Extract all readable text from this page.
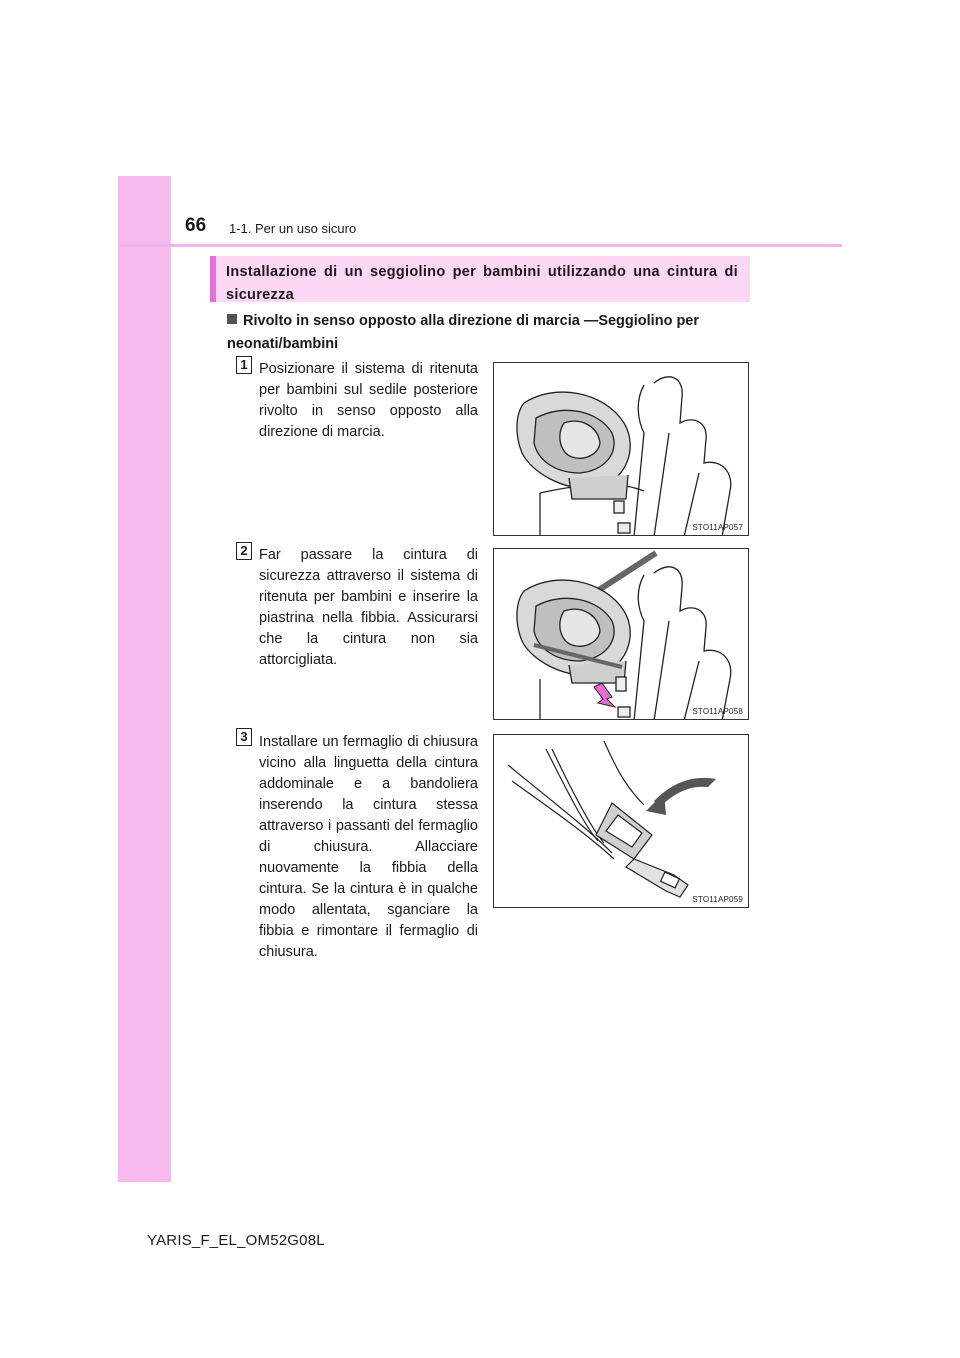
66 1-1. Per un uso sicuro
Installazione di un seggiolino per bambini utilizzando una cintura di sicurezza
Rivolto in senso opposto alla direzione di marcia —Seggiolino per neonati/bambini
1 Posizionare il sistema di ritenuta per bambini sul sedile posteriore rivolto in senso opposto alla direzione di marcia.
STO11AP057
2 Far passare la cintura di sicurezza attraverso il sistema di ritenuta per bambini e inserire la piastrina nella fibbia. Assicurarsi che la cintura non sia attorcigliata.
STO11AP058
3 Installare un fermaglio di chiusura vicino alla linguetta della cintura addominale e a bandoliera inserendo la cintura stessa attraverso i passanti del fermaglio di chiusura. Allacciare nuovamente la fibbia della cintura. Se la cintura è in qualche modo allentata, sganciare la fibbia e rimontare il fermaglio di chiusura.
STO11AP059
YARIS_F_EL_OM52G08L
